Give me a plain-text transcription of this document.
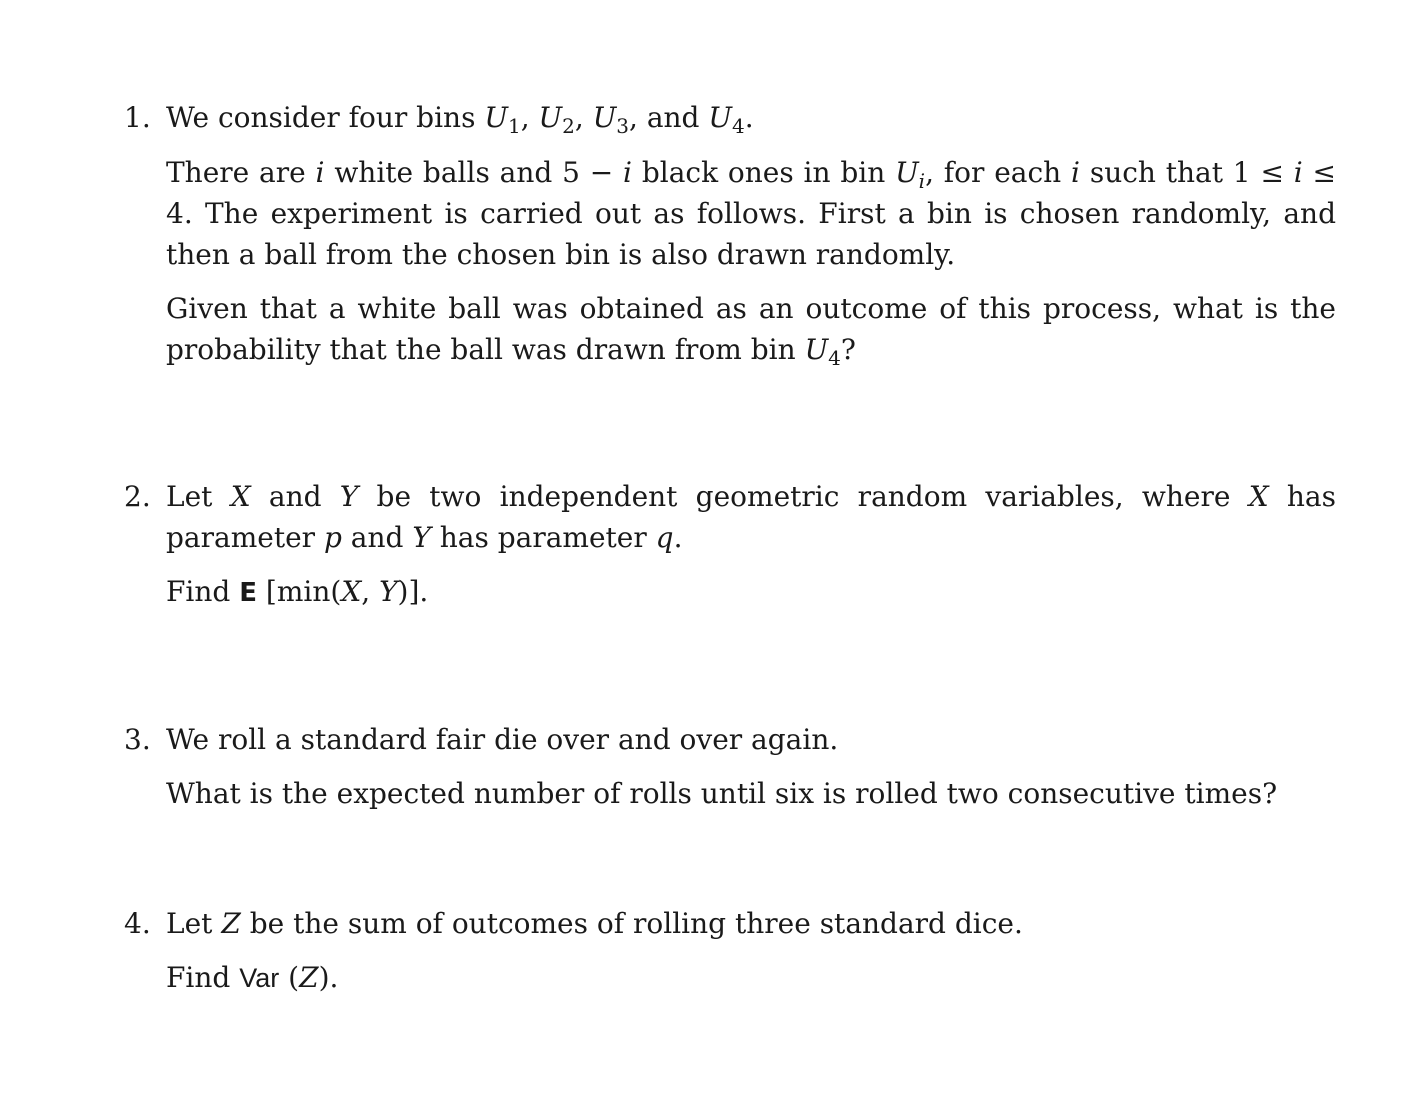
1. We consider four bins $U_1$, $U_2$, $U_3$, and $U_4$.
There are i white balls and 5 − i black ones in bin $U_i$, for each i such that 1 ≤ i ≤ 4. The experiment is carried out as follows. First a bin is chosen randomly, and then a ball from the chosen bin is also drawn randomly.
Given that a white ball was obtained as an outcome of this process, what is the probability that the ball was drawn from bin $U_4$?
2. Let X and Y be two independent geometric random variables, where X has parameter p and Y has parameter q.
Find E [min(X, Y)].
3. We roll a standard fair die over and over again.
What is the expected number of rolls until six is rolled two consecutive times?
4. Let Z be the sum of outcomes of rolling three standard dice.
Find Var (Z).
